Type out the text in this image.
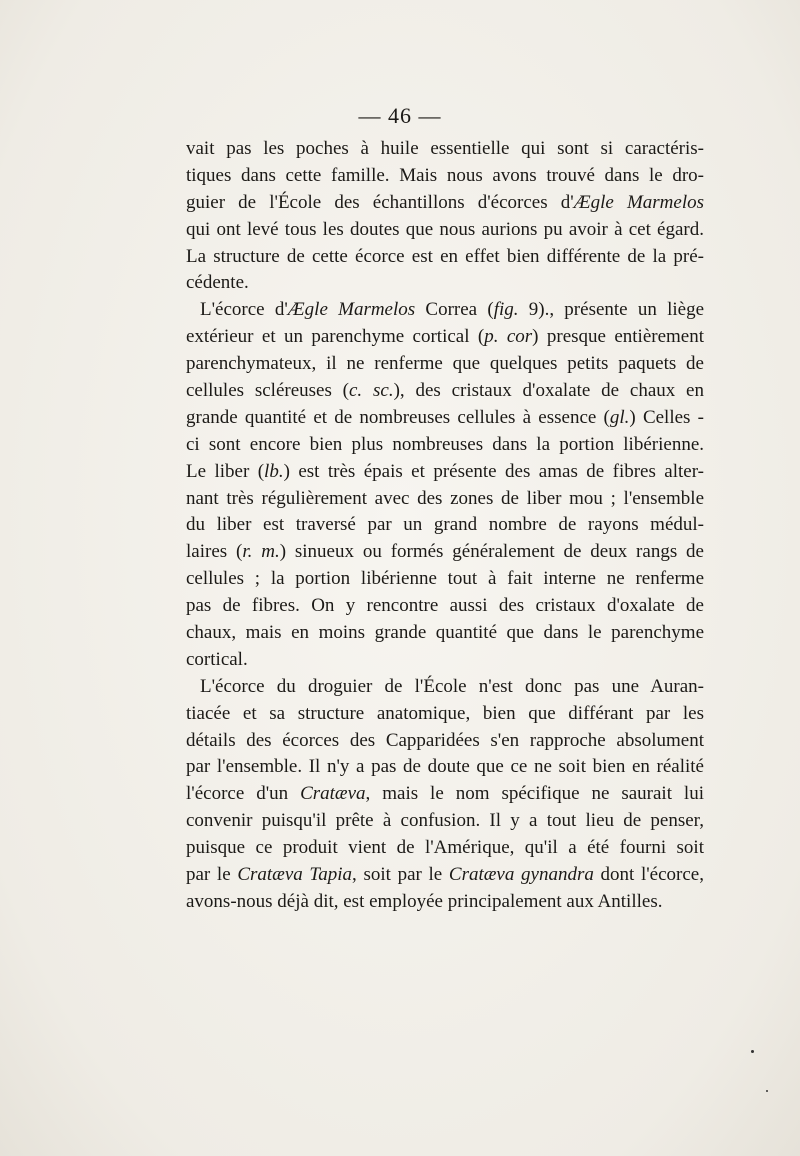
— 46 —
vait pas les poches à huile essentielle qui sont si caractéris-
tiques dans cette famille. Mais nous avons trouvé dans le dro-
guier de l'École des échantillons d'écorces d'Ægle Marmelos
qui ont levé tous les doutes que nous aurions pu avoir à cet égard.
La structure de cette écorce est en effet bien différente de la pré-
cédente.
L'écorce d'Ægle Marmelos Correa (fig. 9)., présente un liège
extérieur et un parenchyme cortical (p. cor) presque entièrement
parenchymateux, il ne renferme que quelques petits paquets de
cellules scléreuses (c. sc.), des cristaux d'oxalate de chaux en
grande quantité et de nombreuses cellules à essence (gl.) Celles -
ci sont encore bien plus nombreuses dans la portion libérienne.
Le liber (lb.) est très épais et présente des amas de fibres alter-
nant très régulièrement avec des zones de liber mou ; l'ensemble
du liber est traversé par un grand nombre de rayons médul-
laires (r. m.) sinueux ou formés généralement de deux rangs de
cellules ; la portion libérienne tout à fait interne ne renferme
pas de fibres. On y rencontre aussi des cristaux d'oxalate de
chaux, mais en moins grande quantité que dans le parenchyme
cortical.
L'écorce du droguier de l'École n'est donc pas une Auran-
tiacée et sa structure anatomique, bien que différant par les
détails des écorces des Capparidées s'en rapproche absolument
par l'ensemble. Il n'y a pas de doute que ce ne soit bien en réalité
l'écorce d'un Cratæva, mais le nom spécifique ne saurait lui
convenir puisqu'il prête à confusion. Il y a tout lieu de penser,
puisque ce produit vient de l'Amérique, qu'il a été fourni soit
par le Cratæva Tapia, soit par le Cratæva gynandra dont l'écorce,
avons-nous déjà dit, est employée principalement aux Antilles.
